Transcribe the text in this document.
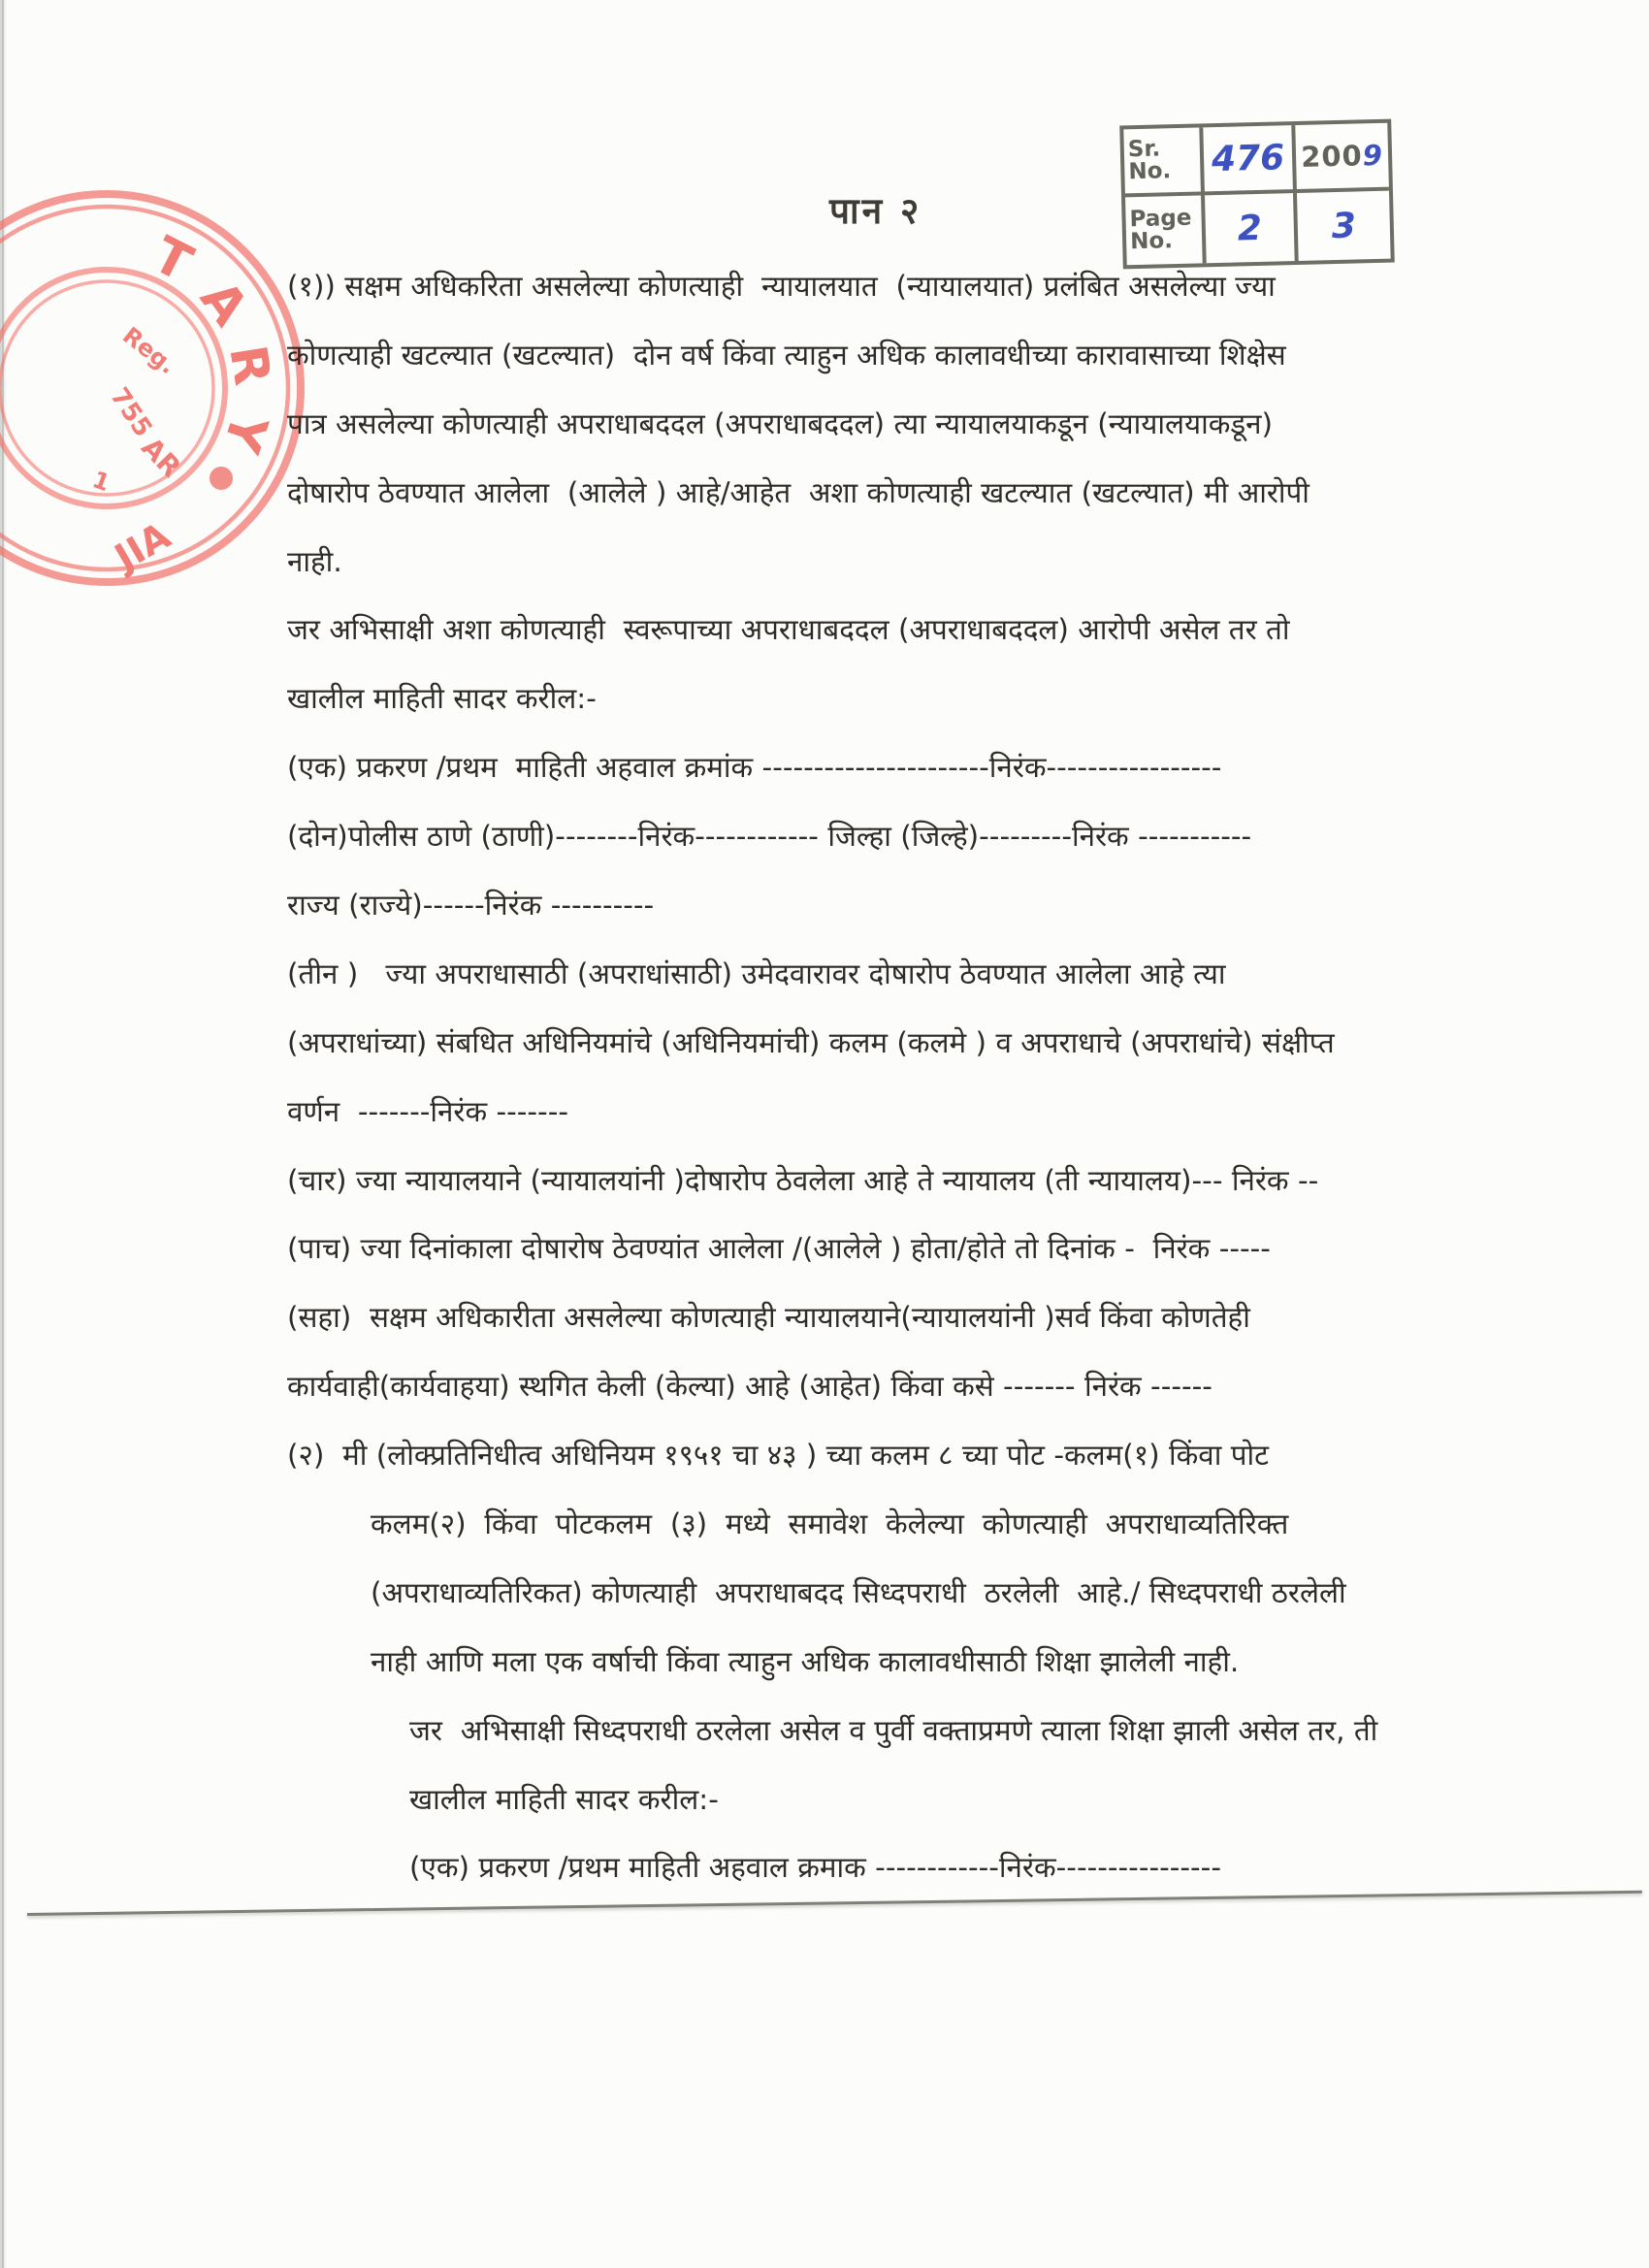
पान २
Sr. No.	476 2009
Page No.	2 3
T
A
R
Y
Reg.
755
AR
1
JIA
(१)) सक्षम अधिकरिता असलेल्या कोणत्याही  न्यायालयात  (न्यायालयात) प्रलंबित असलेल्या ज्या
कोणत्याही खटल्यात (खटल्यात)  दोन वर्ष किंवा त्याहुन अधिक कालावधीच्या कारावासाच्या शिक्षेस
पात्र असलेल्या कोणत्याही अपराधाबददल (अपराधाबददल) त्या न्यायालयाकडून (न्यायालयाकडून)
दोषारोप ठेवण्यात आलेला  (आलेले ) आहे/आहेत  अशा कोणत्याही खटल्यात (खटल्यात) मी आरोपी
नाही.
जर अभिसाक्षी अशा कोणत्याही  स्वरूपाच्या अपराधाबददल (अपराधाबददल) आरोपी असेल तर तो
खालील माहिती सादर करील:-
(एक) प्रकरण /प्रथम  माहिती अहवाल क्रमांक ----------------------निरंक-----------------
(दोन)पोलीस ठाणे (ठाणी)--------निरंक------------ जिल्हा (जिल्हे)---------निरंक -----------
राज्य (राज्ये)------निरंक ----------
(तीन )   ज्या अपराधासाठी (अपराधांसाठी) उमेदवारावर दोषारोप ठेवण्यात आलेला आहे त्या
(अपराधांच्या) संबधित अधिनियमांचे (अधिनियमांची) कलम (कलमे ) व अपराधाचे (अपराधांचे) संक्षीप्त
वर्णन  -------निरंक -------
(चार) ज्या न्यायालयाने (न्यायालयांनी )दोषारोप ठेवलेला आहे ते न्यायालय (ती न्यायालय)--- निरंक --
(पाच) ज्या दिनांकाला दोषारोष ठेवण्यांत आलेला /(आलेले ) होता/होते तो दिनांक -  निरंक -----
(सहा)  सक्षम अधिकारीता असलेल्या कोणत्याही न्यायालयाने(न्यायालयांनी )सर्व किंवा कोणतेही
कार्यवाही(कार्यवाहया) स्थगित केली (केल्या) आहे (आहेत) किंवा कसे ------- निरंक ------
(२)  मी (लोक्प्रतिनिधीत्व अधिनियम १९५१ चा ४३ ) च्या कलम ८ च्या पोट -कलम(१) किंवा पोट
कलम(२)  किंवा  पोटकलम  (३)  मध्ये  समावेश  केलेल्या  कोणत्याही  अपराधाव्यतिरिक्त
(अपराधाव्यतिरिकत) कोणत्याही  अपराधाबदद सिध्दपराधी  ठरलेली  आहे./ सिध्दपराधी ठरलेली
नाही आणि मला एक वर्षाची किंवा त्याहुन अधिक कालावधीसाठी शिक्षा झालेली नाही.
जर  अभिसाक्षी सिध्दपराधी ठरलेला असेल व पुर्वी वक्ताप्रमणे त्याला शिक्षा झाली असेल तर, ती
खालील माहिती सादर करील:-
(एक) प्रकरण /प्रथम माहिती अहवाल क्रमाक ------------निरंक----------------
